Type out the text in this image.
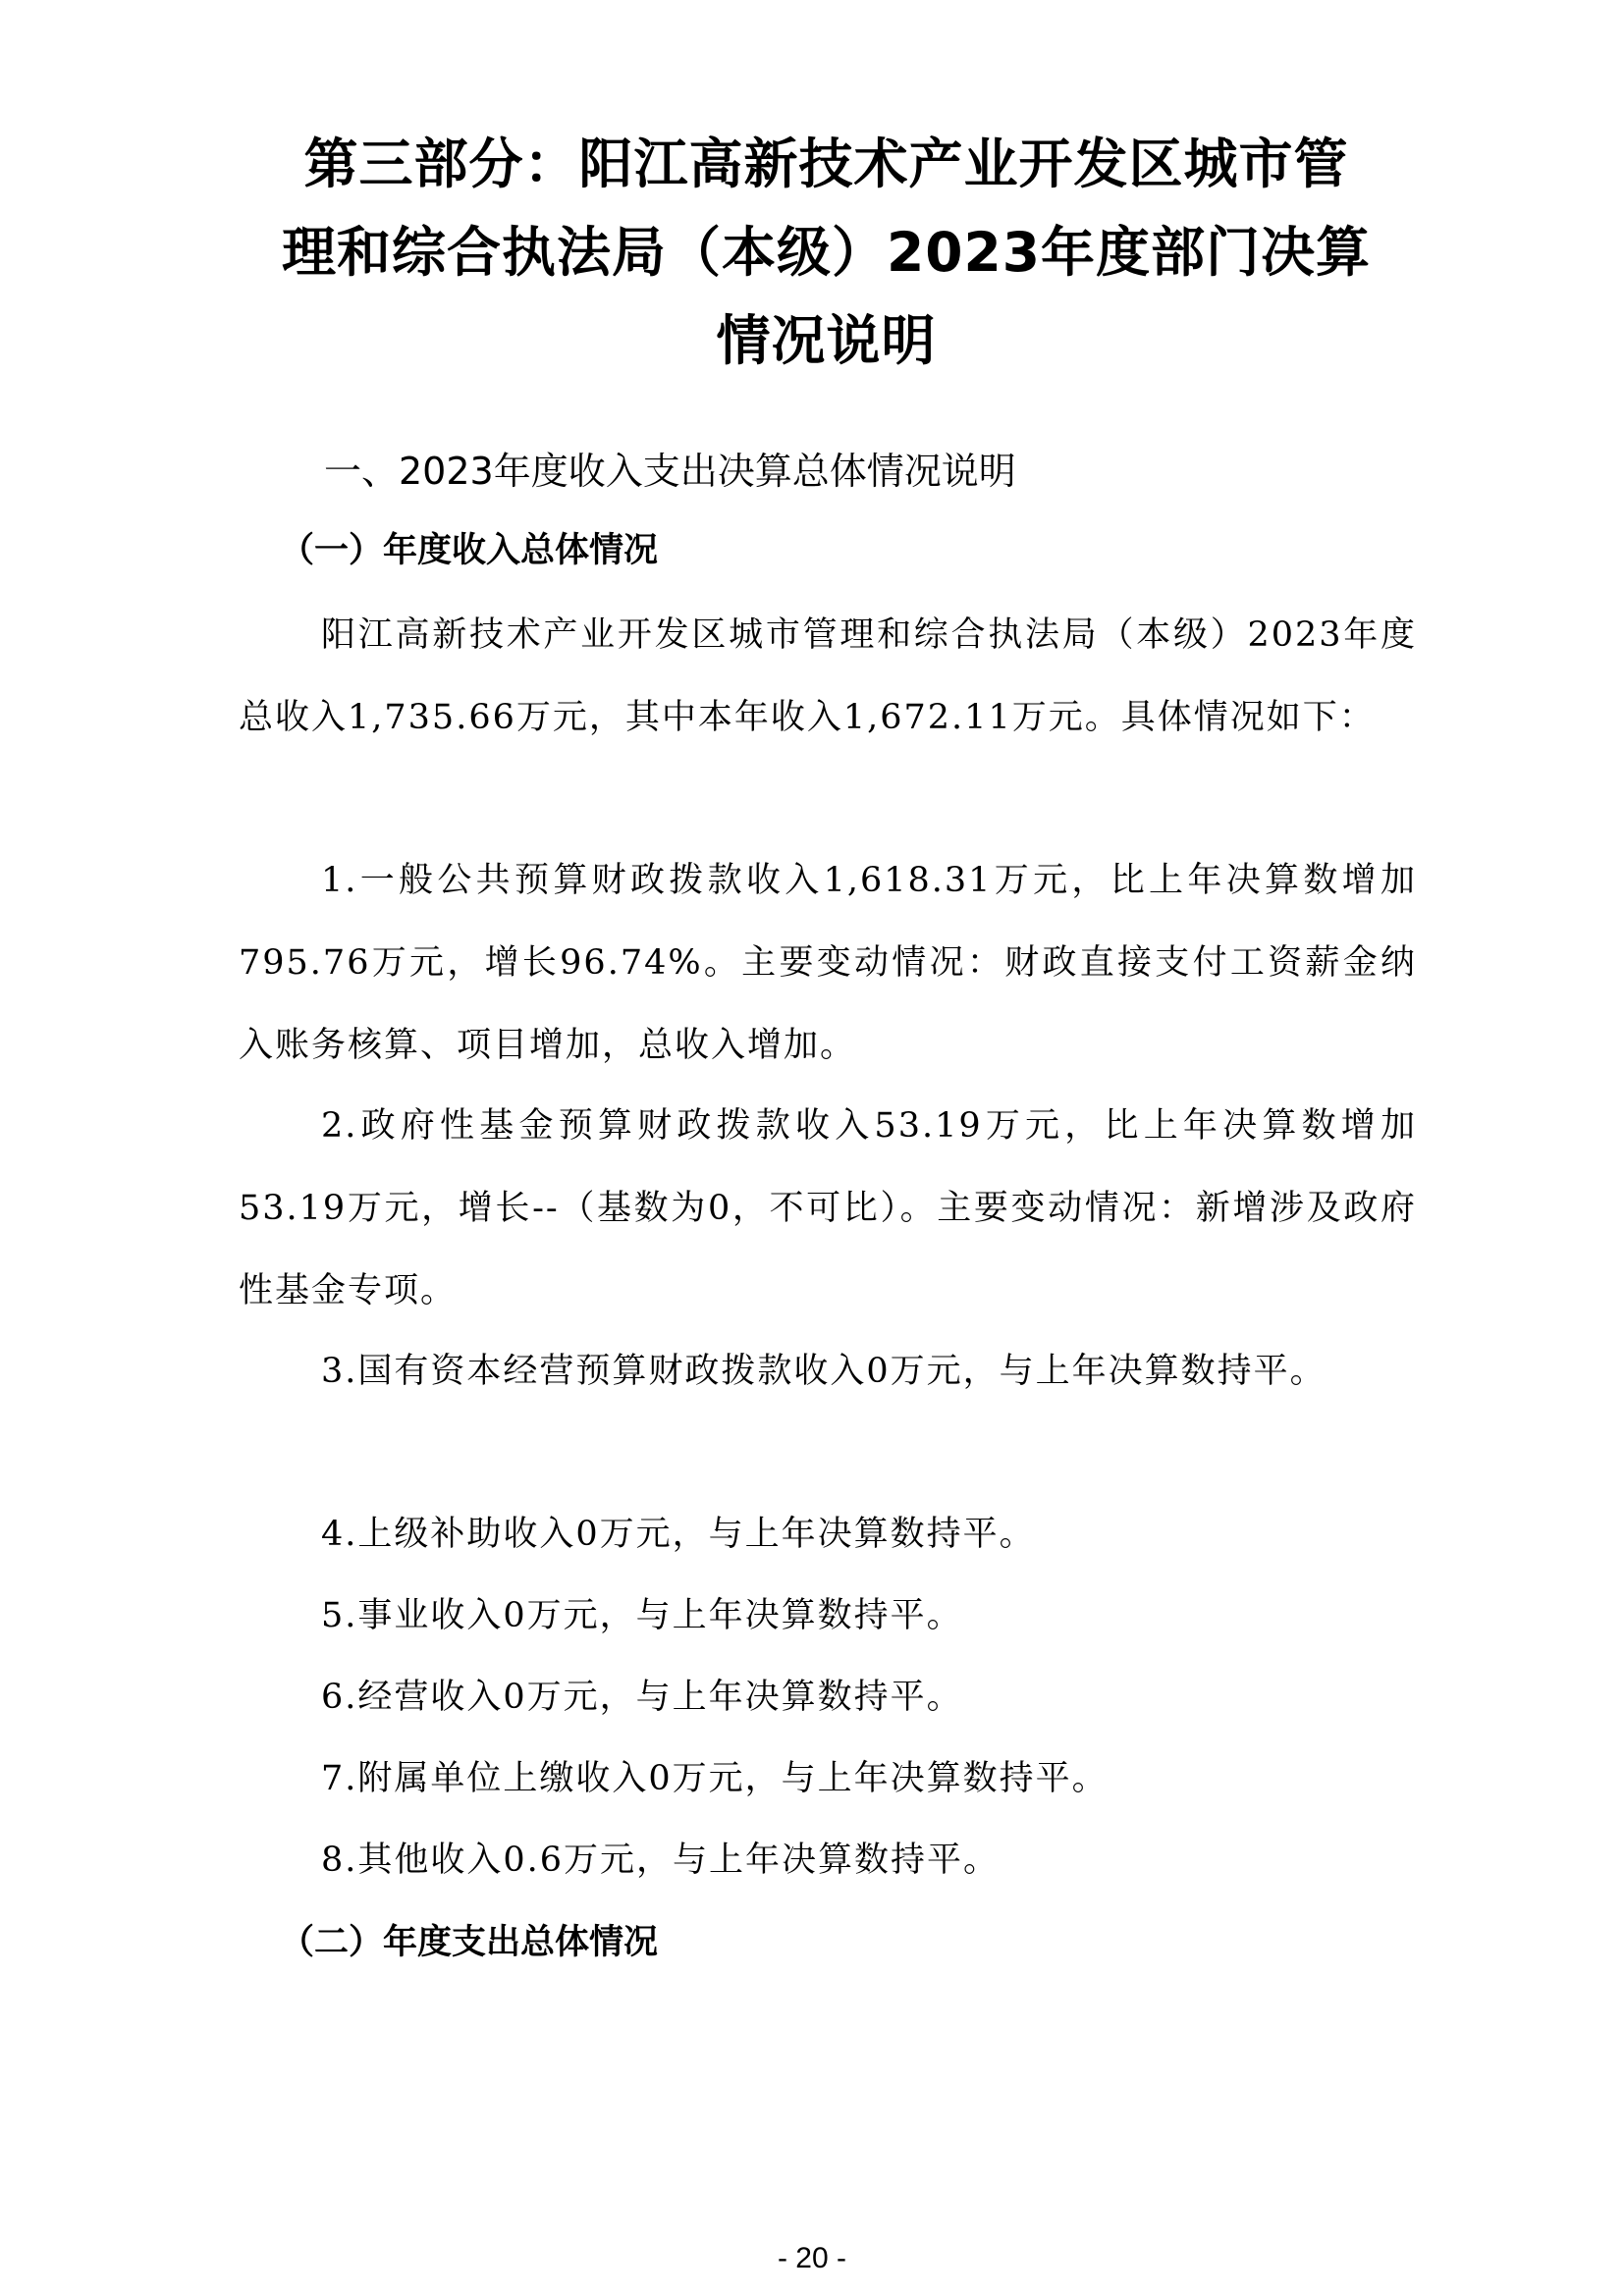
第三部分：阳江高新技术产业开发区城市管
理和综合执法局（本级）2023年度部门决算
情况说明
一、2023年度收入支出决算总体情况说明
（一）年度收入总体情况
阳江高新技术产业开发区城市管理和综合执法局（本级）2023年度总收入1,735.66万元，其中本年收入1,672.11万元。具体情况如下：
1.一般公共预算财政拨款收入1,618.31万元，比上年决算数增加795.76万元，增长96.74%。主要变动情况：财政直接支付工资薪金纳入账务核算、项目增加，总收入增加。
2.政府性基金预算财政拨款收入53.19万元，比上年决算数增加53.19万元，增长--（基数为0，不可比）。主要变动情况：新增涉及政府性基金专项。
3.国有资本经营预算财政拨款收入0万元，与上年决算数持平。
4.上级补助收入0万元，与上年决算数持平。
5.事业收入0万元，与上年决算数持平。
6.经营收入0万元，与上年决算数持平。
7.附属单位上缴收入0万元，与上年决算数持平。
8.其他收入0.6万元，与上年决算数持平。
（二）年度支出总体情况
- 20 -
